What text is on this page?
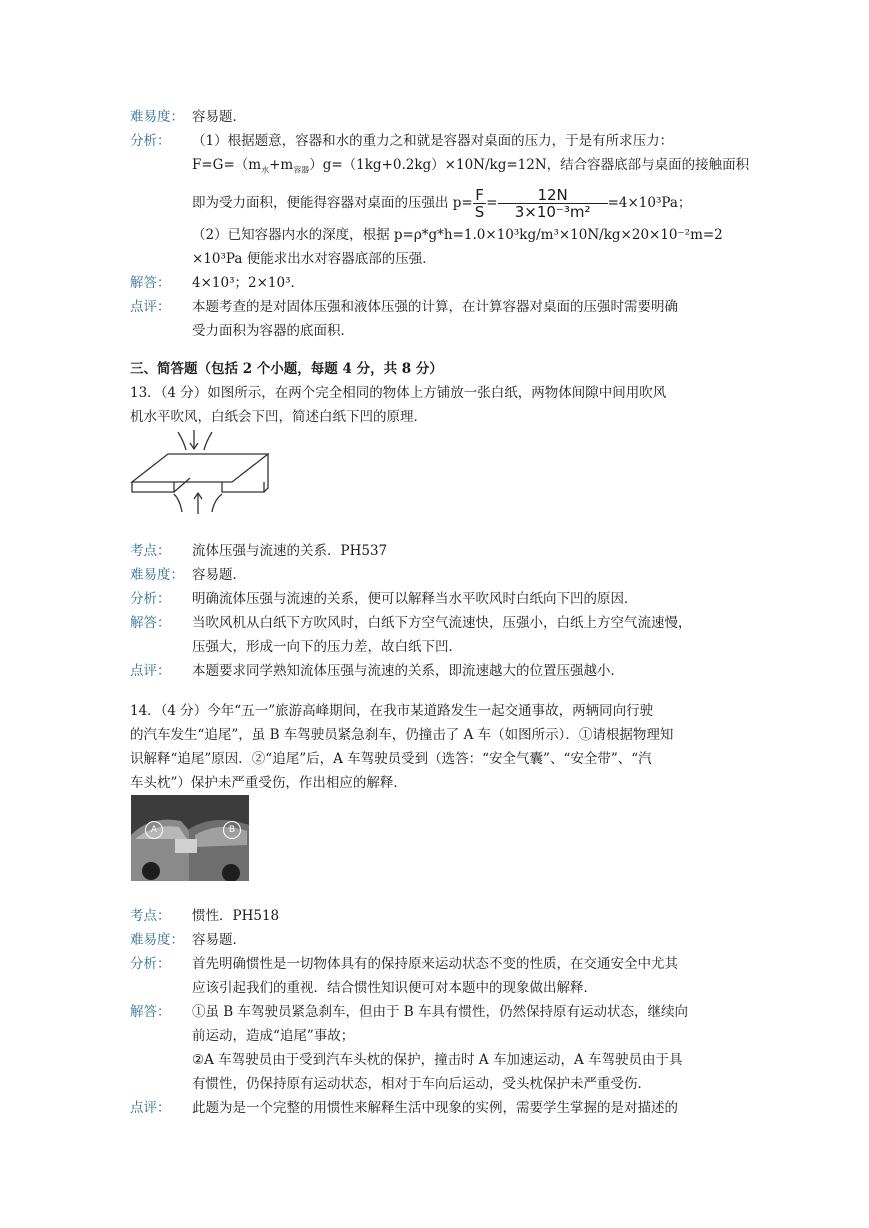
难易度： 容易题．
分析：	（1）根据题意，容器和水的重力之和就是容器对桌面的压力，于是有所求压力：
$F=G=(m_水+m_{容器})g=(1kg+0.2kg)\times 10N/kg=12N$，结合容器底部与桌面的接触面积
即为受力面积，便能得容器对桌面的压强出 $p= \frac{F}{S} = \frac{12N}{\text{3×10⁻³m²}} =4\times 10^3Pa$；
（2）已知容器内水的深度，根据 p=ρ*g*h=1.0×10³kg/m³×10N/kg×20×10⁻²m=2
×10³Pa 便能求出水对容器底部的压强．
解答：	4×10³；2×10³．
点评：	本题考查的是对固体压强和液体压强的计算，在计算容器对桌面的压强时需要明确
受力面积为容器的底面积．
三、简答题（包括 2 个小题，每题 4 分，共 8 分）
13．（4 分）如图所示，在两个完全相同的物体上方铺放一张白纸，两物体间隙中间用吹风
机水平吹风，白纸会下凹，简述白纸下凹的原理．
考点：	流体压强与流速的关系．PH537
难易度： 容易题．
分析：	明确流体压强与流速的关系，便可以解释当水平吹风时白纸向下凹的原因．
解答：	当吹风机从白纸下方吹风时，白纸下方空气流速快，压强小，白纸上方空气流速慢，
压强大，形成一向下的压力差，故白纸下凹．
点评：	本题要求同学熟知流体压强与流速的关系，即流速越大的位置压强越小．
14．（4 分）今年“五一”旅游高峰期间，在我市某道路发生一起交通事故，两辆同向行驶
的汽车发生“追尾”，虽 B 车驾驶员紧急刹车，仍撞击了 A 车（如图所示）．①请根据物理知
识解释“追尾”原因．②“追尾”后，A 车驾驶员受到（选答：“安全气囊”、“安全带”、“汽
车头枕”）保护未严重受伤，作出相应的解释．
A	B
考点：	惯性．PH518
难易度： 容易题．
分析：	首先明确惯性是一切物体具有的保持原来运动状态不变的性质，在交通安全中尤其
应该引起我们的重视．结合惯性知识便可对本题中的现象做出解释．
解答：	①虽 B 车驾驶员紧急刹车，但由于 B 车具有惯性，仍然保持原有运动状态，继续向
前运动，造成“追尾”事故；
②A 车驾驶员由于受到汽车头枕的保护，撞击时 A 车加速运动，A 车驾驶员由于具
有惯性，仍保持原有运动状态，相对于车向后运动，受头枕保护未严重受伤．
点评：	此题为是一个完整的用惯性来解释生活中现象的实例，需要学生掌握的是对描述的
